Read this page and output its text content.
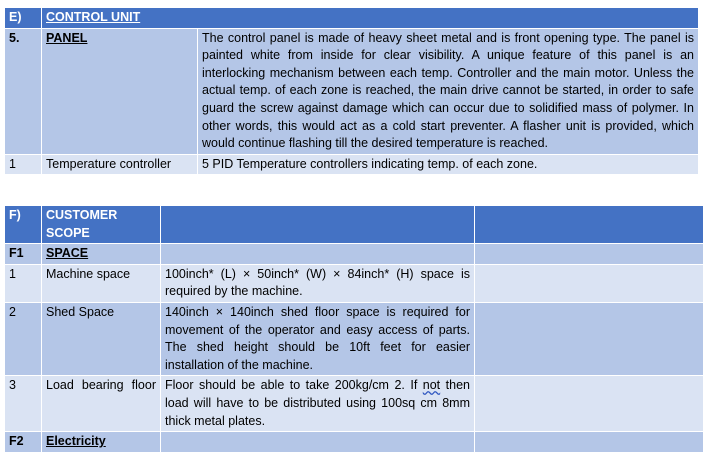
E)	CONTROL UNIT	
5.	PANEL	The control panel is made of heavy sheet metal and is front opening type. The panel is painted white from inside for clear visibility. A unique feature of this panel is an interlocking mechanism between each temp. Controller and the main motor. Unless the actual temp. of each zone is reached, the main drive cannot be started, in order to safe guard the screw against damage which can occur due to solidified mass of polymer. In other words, this would act as a cold start preventer. A flasher unit is provided, which would continue flashing till the desired temperature is reached.
1	Temperature controller	5 PID Temperature controllers indicating temp. of each zone.
F)	CUSTOMER SCOPE		
F1	SPACE		
1	Machine space	100inch* (L) × 50inch* (W) × 84inch* (H) space is required by the machine.	
2	Shed Space	140inch × 140inch shed floor space is required for movement of the operator and easy access of parts. The shed height should be 10ft feet for easier installation of the machine.	
3	Load bearing floor	Floor should be able to take 200kg/cm 2. If not then load will have to be distributed using 100sq cm 8mm thick metal plates.	
F2	Electricity		
